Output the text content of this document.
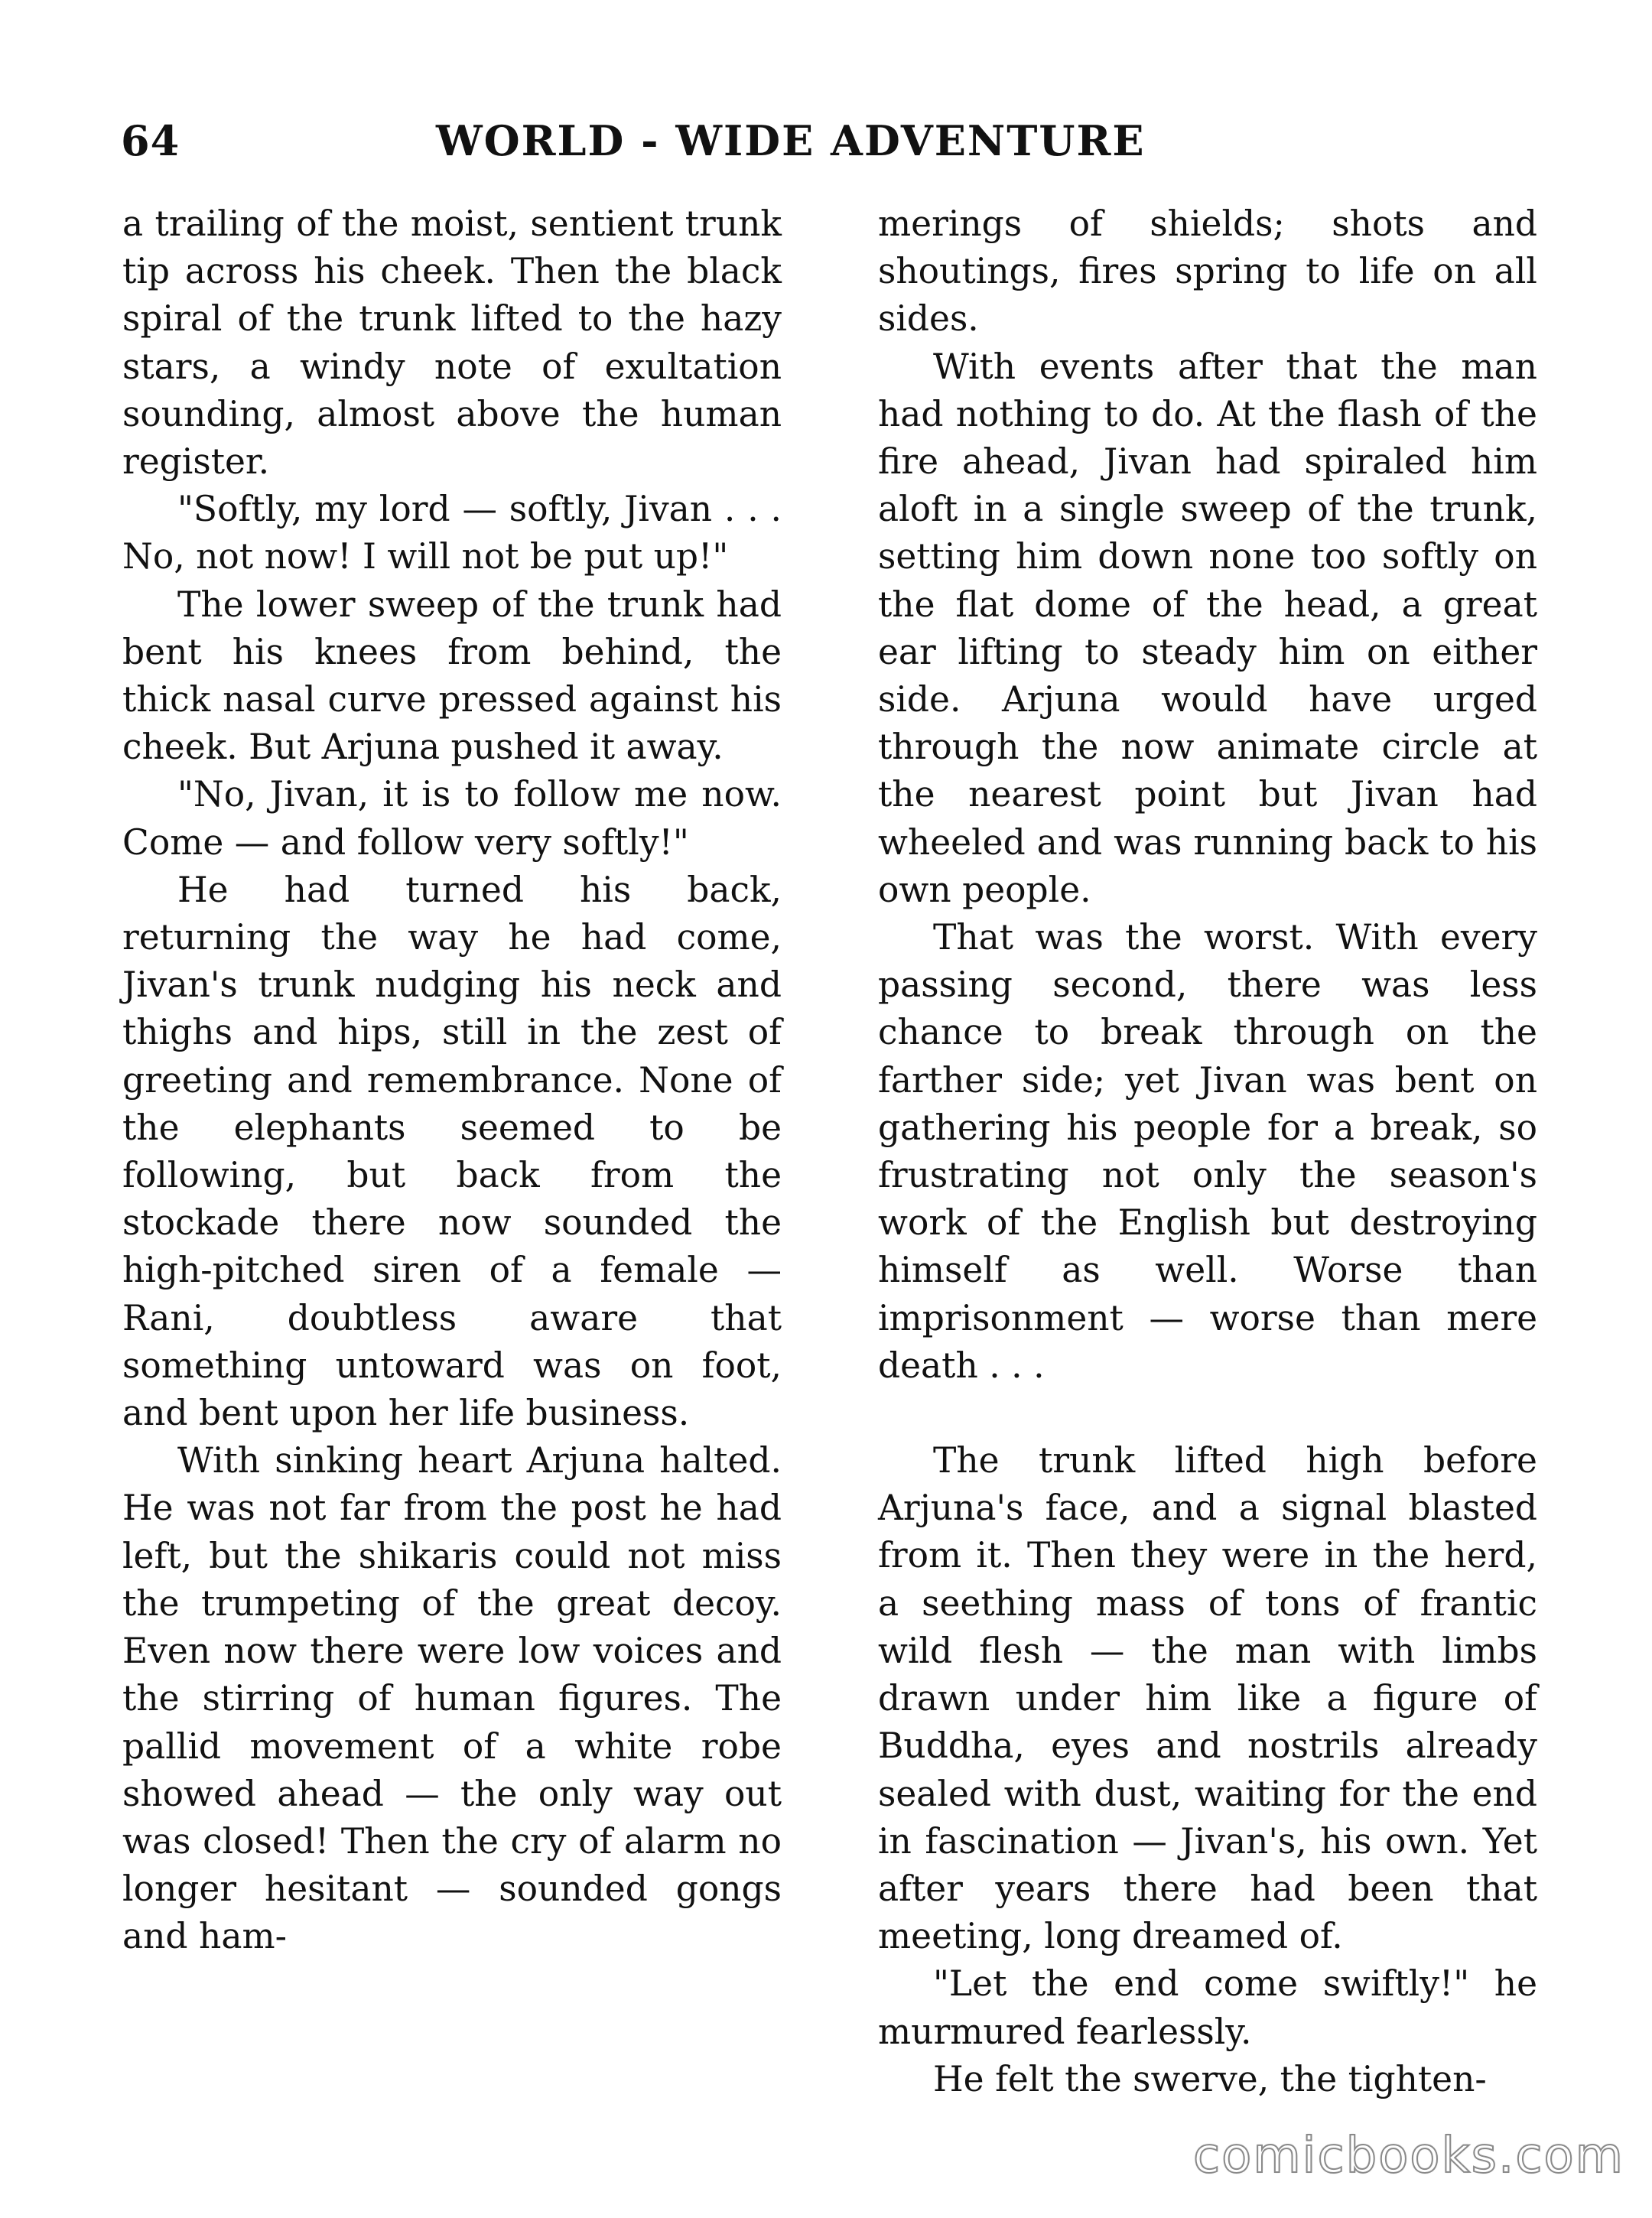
64	WORLD - WIDE ADVENTURE

a trailing of the moist, sentient trunk tip across his cheek. Then the black spiral of the trunk lifted to the hazy stars, a windy note of exultation sounding, almost above the human register.

"Softly, my lord — softly, Jivan . . . No, not now! I will not be put up!"

The lower sweep of the trunk had bent his knees from behind, the thick nasal curve pressed against his cheek. But Arjuna pushed it away.

"No, Jivan, it is to follow me now. Come — and follow very softly!"

He had turned his back, returning the way he had come, Jivan's trunk nudging his neck and thighs and hips, still in the zest of greeting and remembrance. None of the elephants seemed to be following, but back from the stockade there now sounded the high-pitched siren of a female — Rani, doubtless aware that something untoward was on foot, and bent upon her life business.

With sinking heart Arjuna halted. He was not far from the post he had left, but the shikaris could not miss the trumpeting of the great decoy. Even now there were low voices and the stirring of human figures. The pallid movement of a white robe showed ahead — the only way out was closed! Then the cry of alarm no longer hesitant — sounded gongs and ham-

merings of shields; shots and shoutings, fires spring to life on all sides.

With events after that the man had nothing to do. At the flash of the fire ahead, Jivan had spiraled him aloft in a single sweep of the trunk, setting him down none too softly on the flat dome of the head, a great ear lifting to steady him on either side. Arjuna would have urged through the now animate circle at the nearest point but Jivan had wheeled and was running back to his own people.

That was the worst. With every passing second, there was less chance to break through on the farther side; yet Jivan was bent on gathering his people for a break, so frustrating not only the season's work of the English but destroying himself as well. Worse than imprisonment — worse than mere death . . .

The trunk lifted high before Arjuna's face, and a signal blasted from it. Then they were in the herd, a seething mass of tons of frantic wild flesh — the man with limbs drawn under him like a figure of Buddha, eyes and nostrils already sealed with dust, waiting for the end in fascination — Jivan's, his own. Yet after years there had been that meeting, long dreamed of.

"Let the end come swiftly!" he murmured fearlessly.

He felt the swerve, the tighten-

comicbooks.com
